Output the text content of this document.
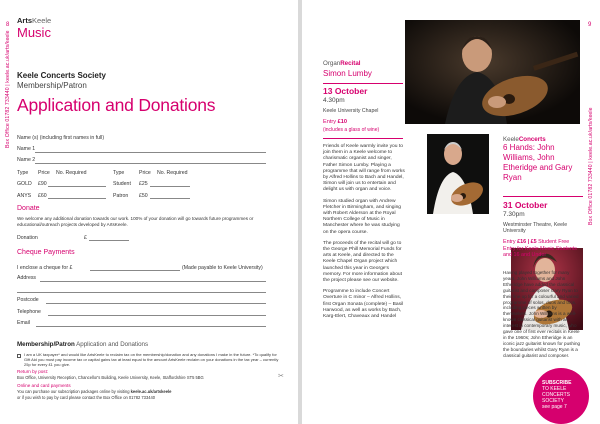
8 ArtsKeele
Music
Box Office 01782 733440 | keele.ac.uk/arts/keele Keele Concerts Society
Membership/Patron
Application and Donations
Name (s) (including first names in full)
Name 1
Name 2
Type Price No. Required	Type	Price No. Required
GOLD £90	Student £25
ANYS £60	Patron £50
Donate
We welcome any additional donation towards our work. 100% of your donation will go towards future programmes or educational/outreach projects developed by ArtsKeele.
Donation	£
Cheque Payments
I enclose a cheque for £	(Made payable to Keele University)
Address
Postcode
Telephone
Email
Membership/Patron Application and Donations
I am a UK taxpayer* and would like ArtsKeele to reclaim tax on the membership/donation and any donations I make in the future. *To qualify for Gift Aid you must pay income tax or capital gains tax at least equal to the amount ArtsKeele reclaim on your donations in the tax year – currently 25p for every £1 you give.
Return by post:
Box Office, University Reception, Chancellor's Building, Keele University, Keele, Staffordshire ST5 5BG
Online and card payments
You can purchase our subscription packages online by visiting keele.ac.uk/artskeele
or if you wish to pay by card please contact the Box Office on 01782 733440
✂
9
Box Office 01782 733440 | keele.ac.uk/arts/keele
OrganRecital
Simon Lumby
13 October
4.30pm
Keele University Chapel
Entry £10
(includes a glass of wine)

Friends of Keele warmly invite you to join them in a Keele welcome to charismatic organist and singer, Father Simon Lumby. Playing a programme that will range from works by Alfred Hollins to Bach and Handel, Simon will join us to entertain and delight us with organ and voice.

Simon studied organ with Andrew Fletcher in Birmingham, and singing with Robert Alderson at the Royal Northern College of Music in Manchester where he was studying on the opera course.

The proceeds of the recital will go to the George Phill Memorial Funds for arts at Keele, and directed to the Keele Chapel Organ project which launched this year in George's memory. For more information about the project please see our website.

Programme to include Concert Overture in C minor – Alfred Hollins, first Organ Sonata (complete) – Basil Harwood, as well as works by Bach, Karg-Elert, Chaveaux and Handel

KeeleConcerts
6 Hands: John Williams, John Etheridge and Gary Ryan
31 October
7.30pm
Westminster Theatre, Keele University
Entry £16 | £5 Student Free Entry for Keele Music Students and 16 and Under
Having played together for many years, John Williams and John Etheridge have added the classical guitarist and composer Gary Ryan to their line up for a colourful and varied programme of solos, duos and trios, including pieces written by themselves. John Williams is a well-known classical guitarist with an interest in contemporary music, who gave one of first ever recitals in Keele in the 1960s; John Etheridge is an iconic jazz guitarist known for pushing the boundaries whilst Gary Ryan is a classical guitarist and composer.
SUBSCRIBE
TO KEELE
CONCERTS
SOCIETY
see page 7
